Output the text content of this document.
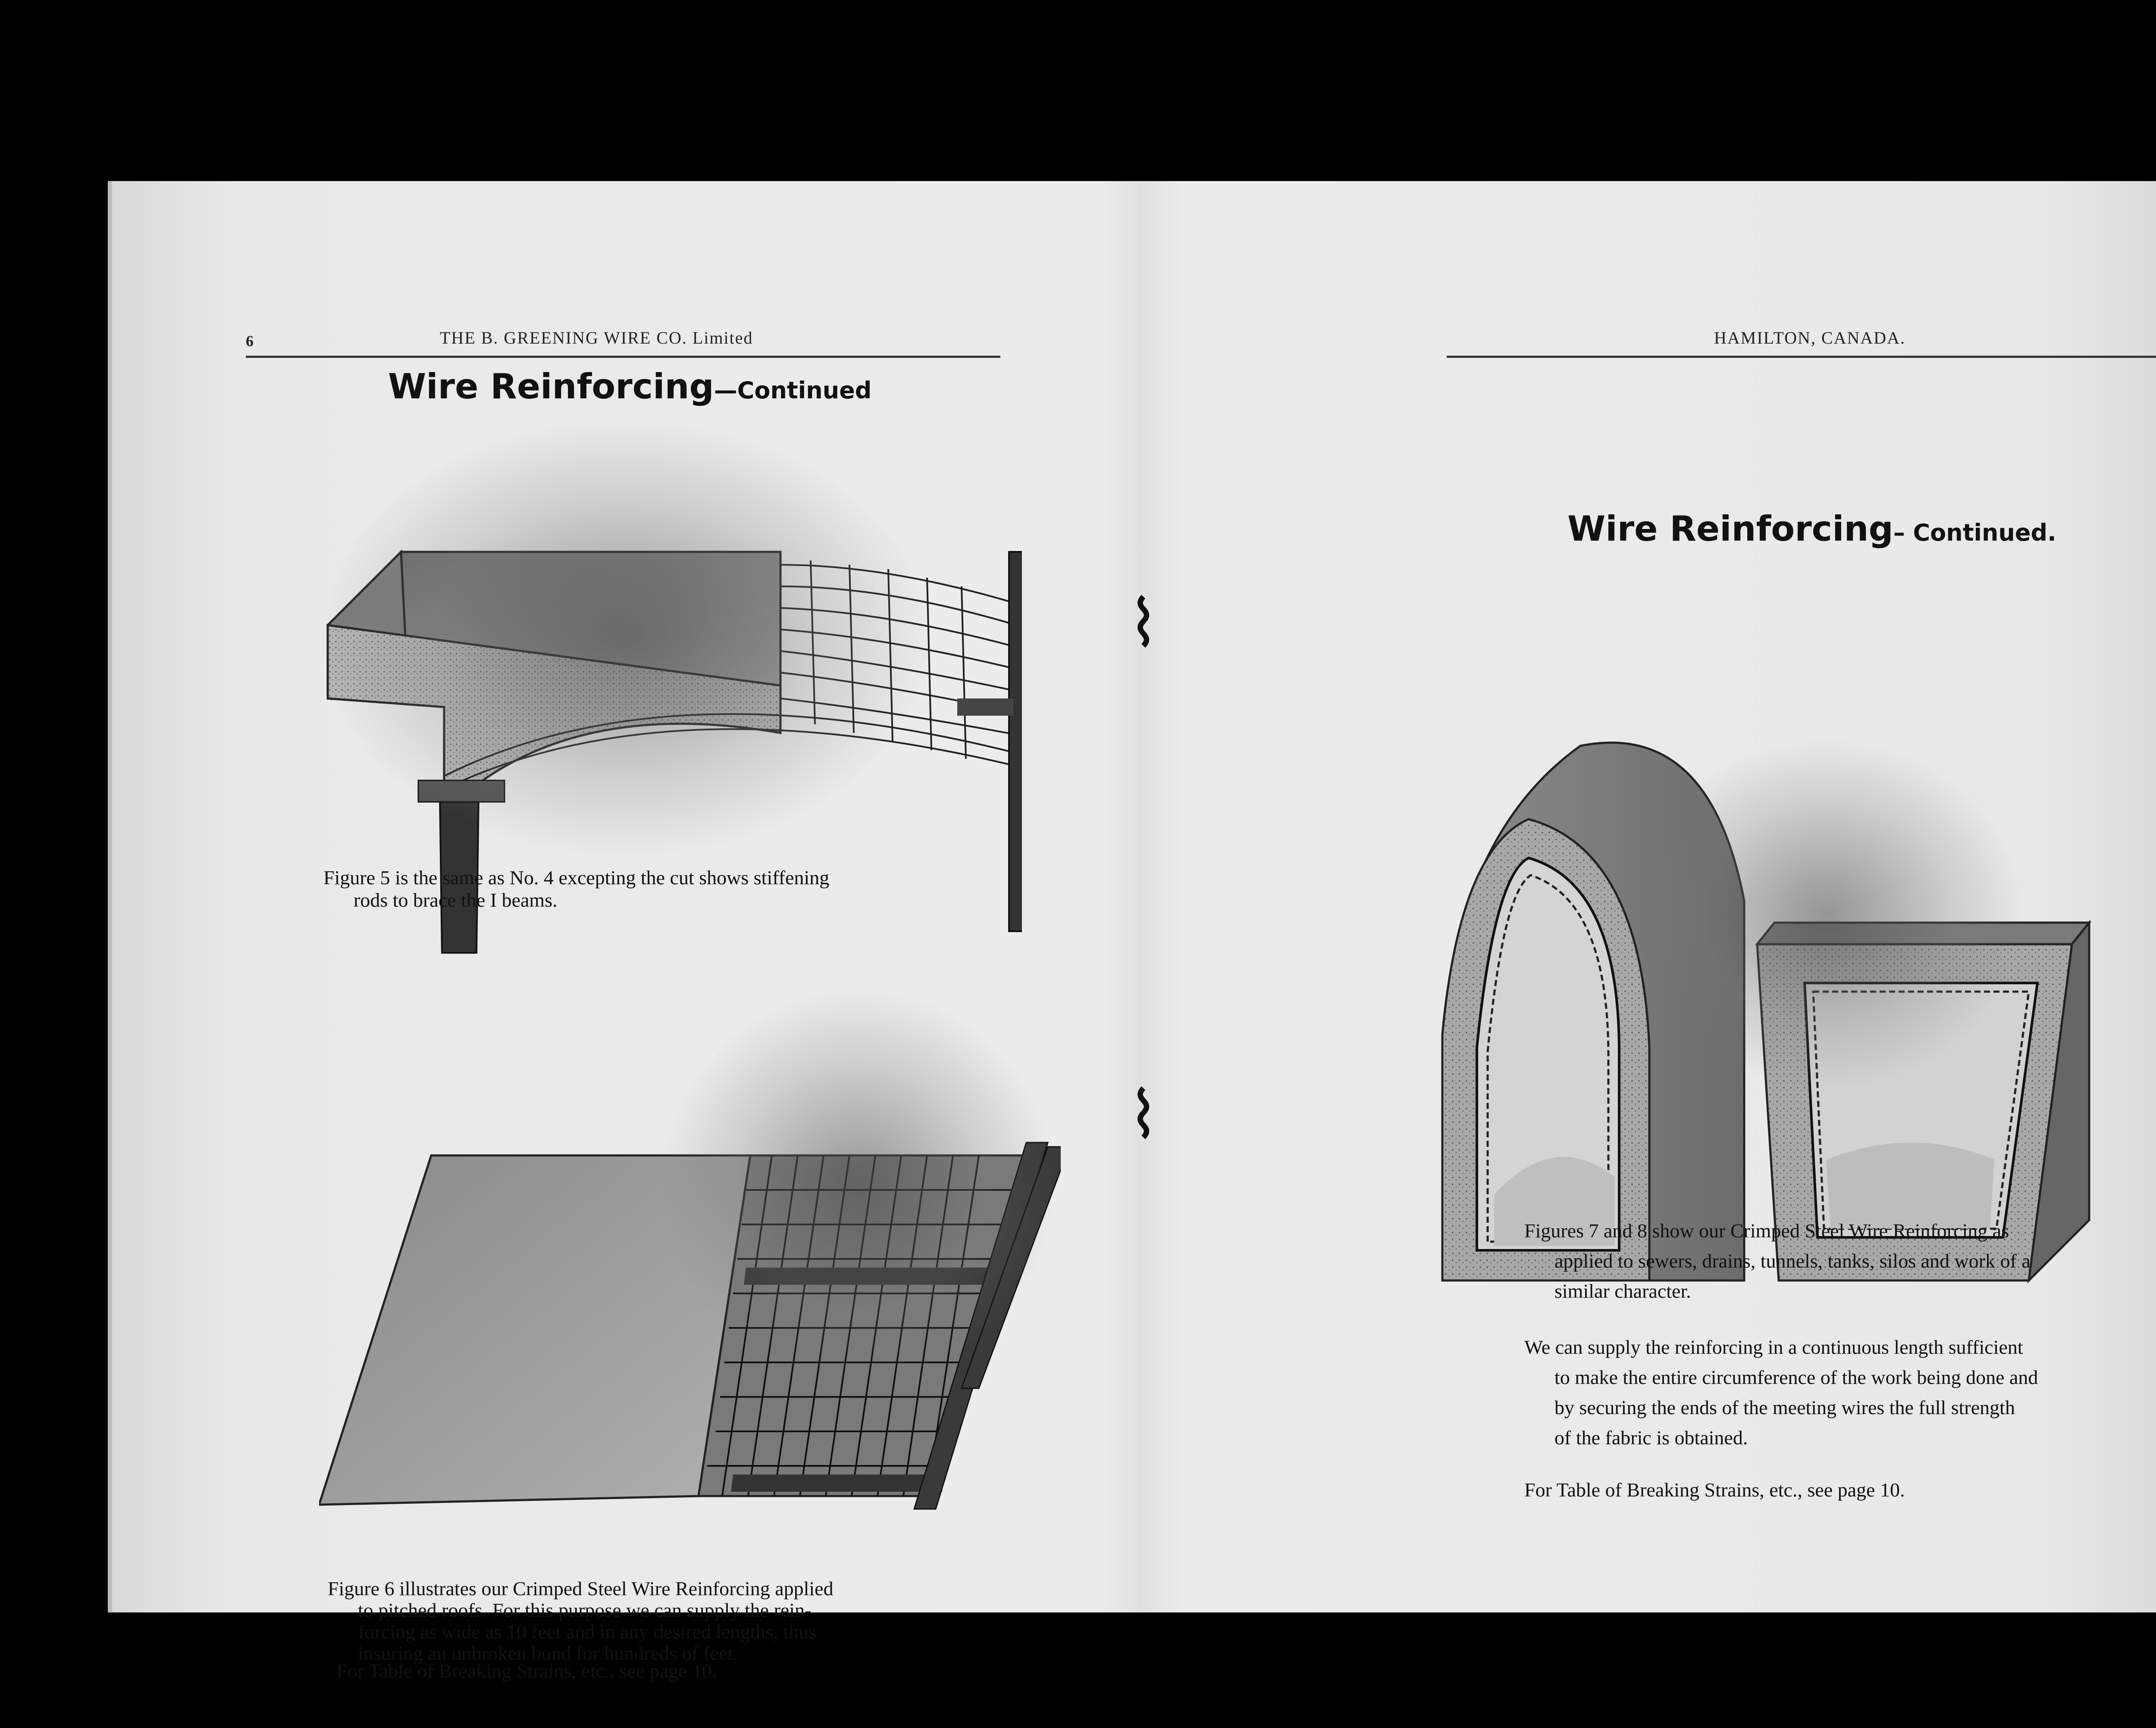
6	THE B. GREENING WIRE CO. Limited
Wire Reinforcing—Continued

Figure 5 is the same as No. 4 excepting the cut shows stiffening
rods to brace the I beams.

Figure 6 illustrates our Crimped Steel Wire Reinforcing applied
to pitched roofs. For this purpose we can supply the rein-
forcing as wide as 10 feet and in any desired lengths, thus
insuring an unbroken bond for hundreds of feet.

For Table of Breaking Strains, etc., see page 10.
⌇
⌇
HAMILTON, CANADA.
Wire Reinforcing– Continued.

Figures 7 and 8 show our Crimped Steel Wire Reinforcing as
applied to sewers, drains, tunnels, tanks, silos and work of a
similar character.

We can supply the reinforcing in a continuous length sufficient
to make the entire circumference of the work being done and
by securing the ends of the meeting wires the full strength
of the fabric is obtained.

For Table of Breaking Strains, etc., see page 10.
